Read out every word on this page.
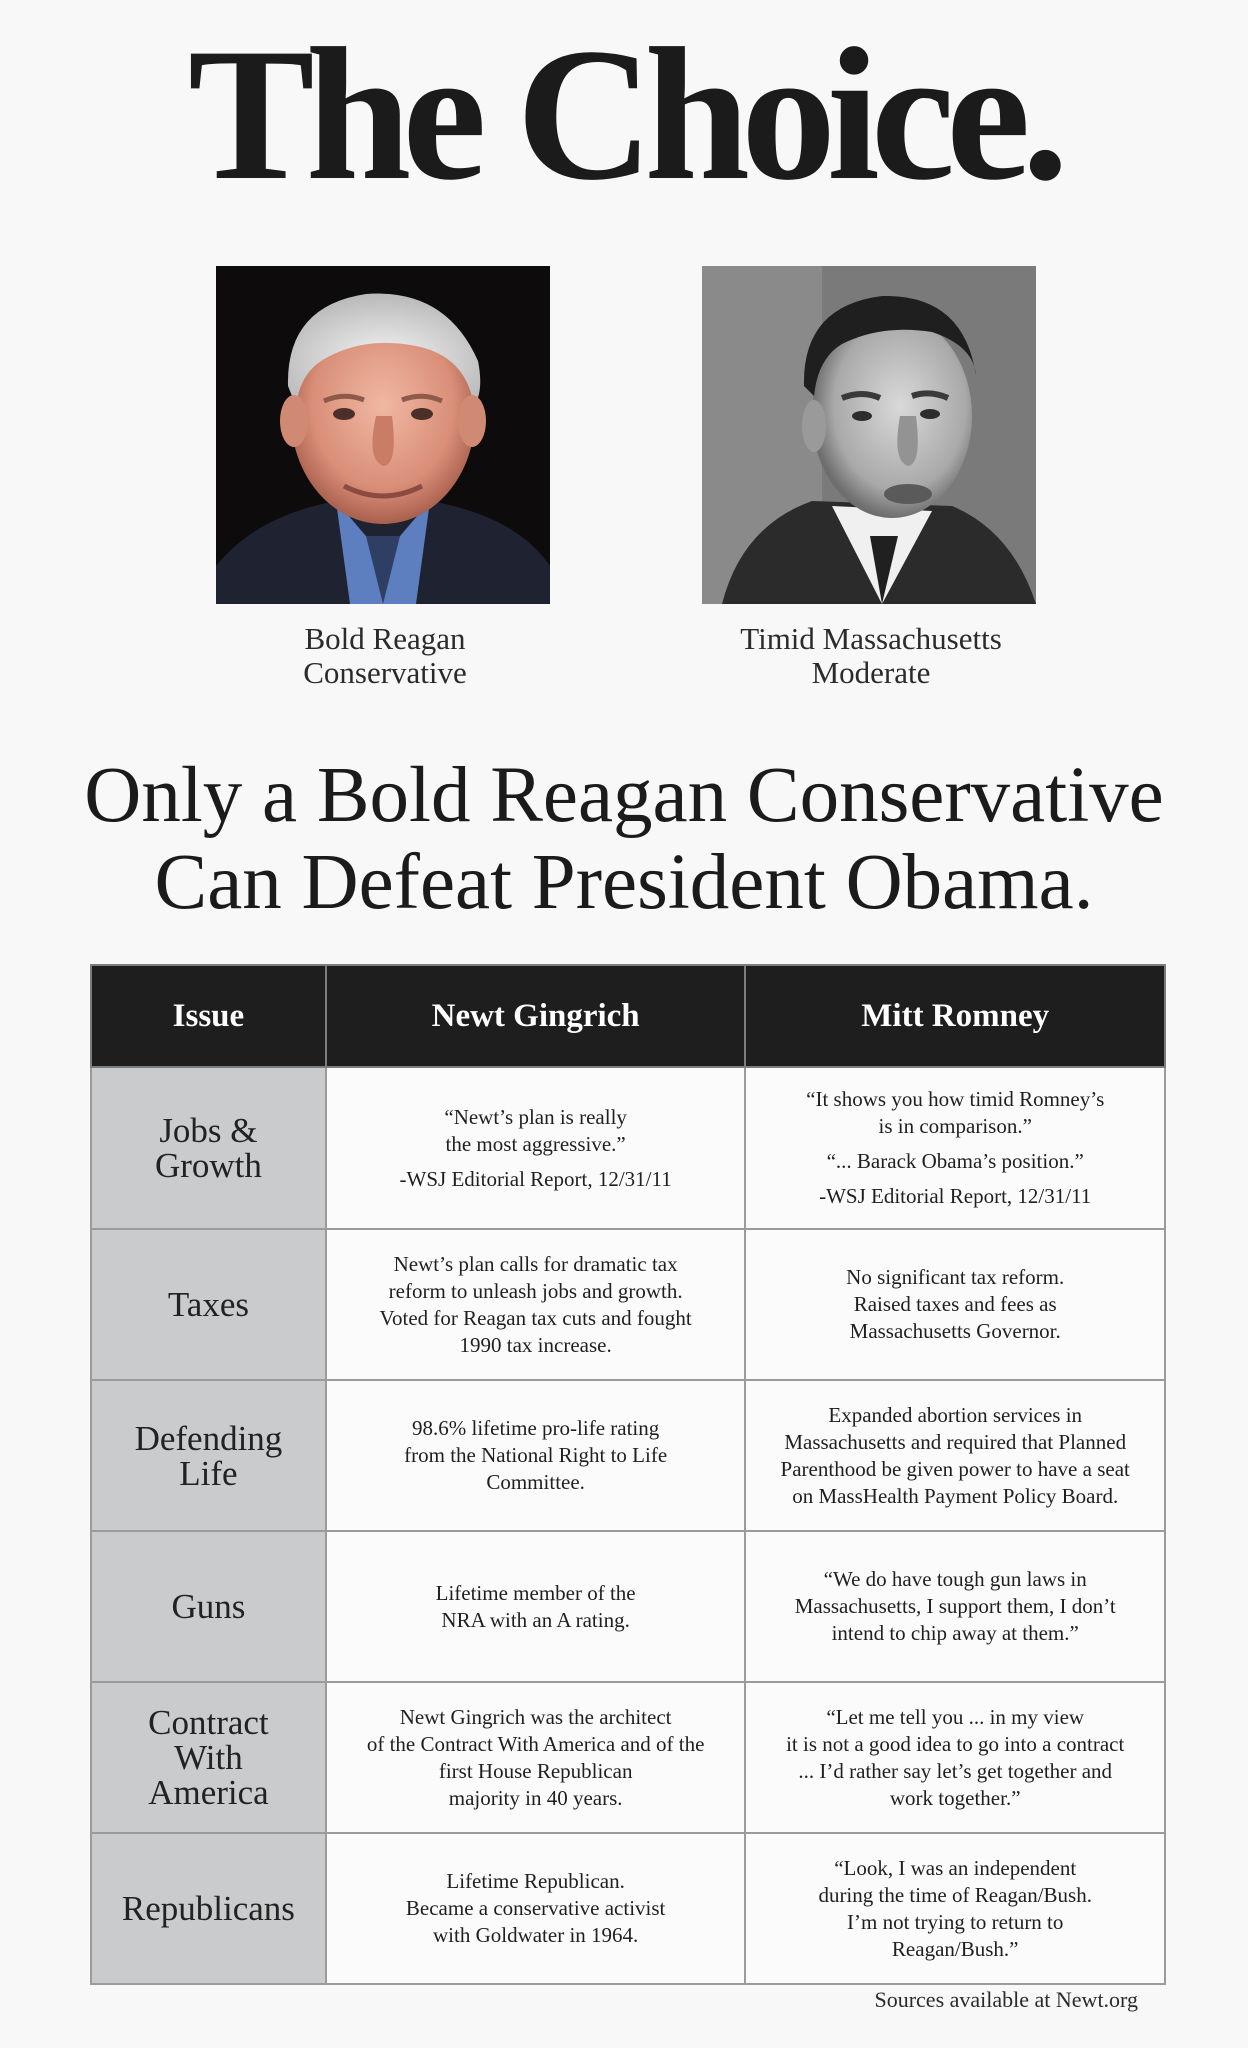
The Choice.
Bold Reagan
Conservative
Timid Massachusetts
Moderate
Only a Bold Reagan Conservative
Can Defeat President Obama.
Issue	Newt Gingrich	Mitt Romney

Jobs &
Growth	“Newt’s plan is really
the most aggressive.”
-WSJ Editorial Report, 12/31/11	“It shows you how timid Romney’s
is in comparison.”
“... Barack Obama’s position.”
-WSJ Editorial Report, 12/31/11

Taxes	Newt’s plan calls for dramatic tax
reform to unleash jobs and growth.
Voted for Reagan tax cuts and fought
1990 tax increase.	No significant tax reform.
Raised taxes and fees as
Massachusetts Governor.

Defending
Life	98.6% lifetime pro-life rating
from the National Right to Life
Committee.	Expanded abortion services in
Massachusetts and required that Planned
Parenthood be given power to have a seat
on MassHealth Payment Policy Board.

Guns	Lifetime member of the
NRA with an A rating.	“We do have tough gun laws in
Massachusetts, I support them, I don’t
intend to chip away at them.”

Contract
With
America	Newt Gingrich was the architect
of the Contract With America and of the
first House Republican
majority in 40 years.	“Let me tell you ... in my view
it is not a good idea to go into a contract
... I’d rather say let’s get together and
work together.”

Republicans	Lifetime Republican.
Became a conservative activist
with Goldwater in 1964.	“Look, I was an independent
during the time of Reagan/Bush.
I’m not trying to return to
Reagan/Bush.”
Sources available at Newt.org
